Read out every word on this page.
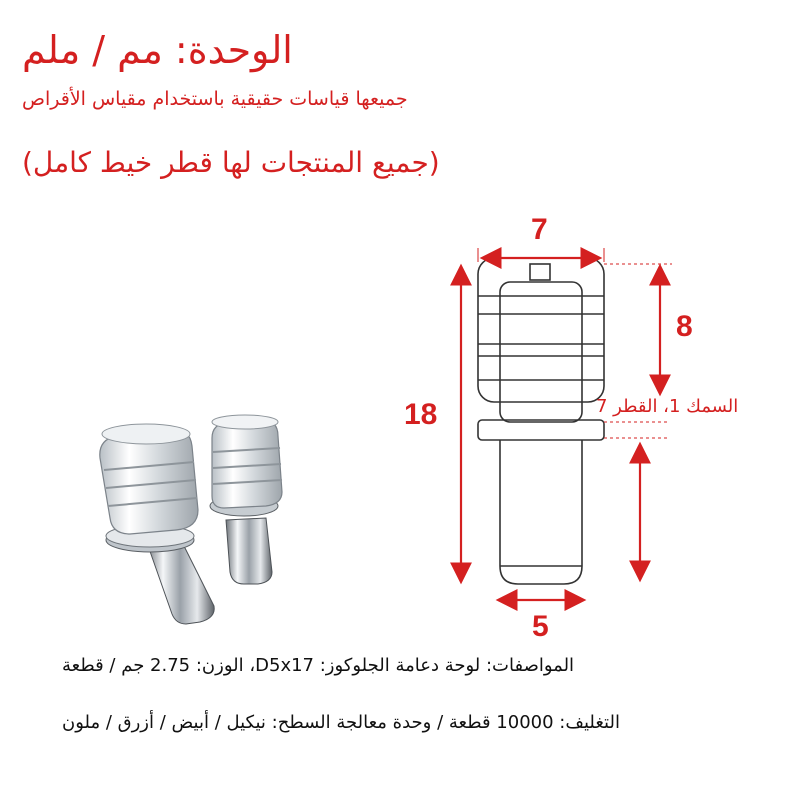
الوحدة: مم / ملم
جميعها قياسات حقيقية باستخدام مقياس الأقراص
(جميع المنتجات لها قطر خيط كامل)
7
8
18
5
السمك 1، القطر 7
المواصفات: لوحة دعامة الجلوكوز: D5x17، الوزن: 2.75 جم / قطعة
التغليف: 10000 قطعة / وحدة معالجة السطح: نيكيل / أبيض / أزرق / ملون
